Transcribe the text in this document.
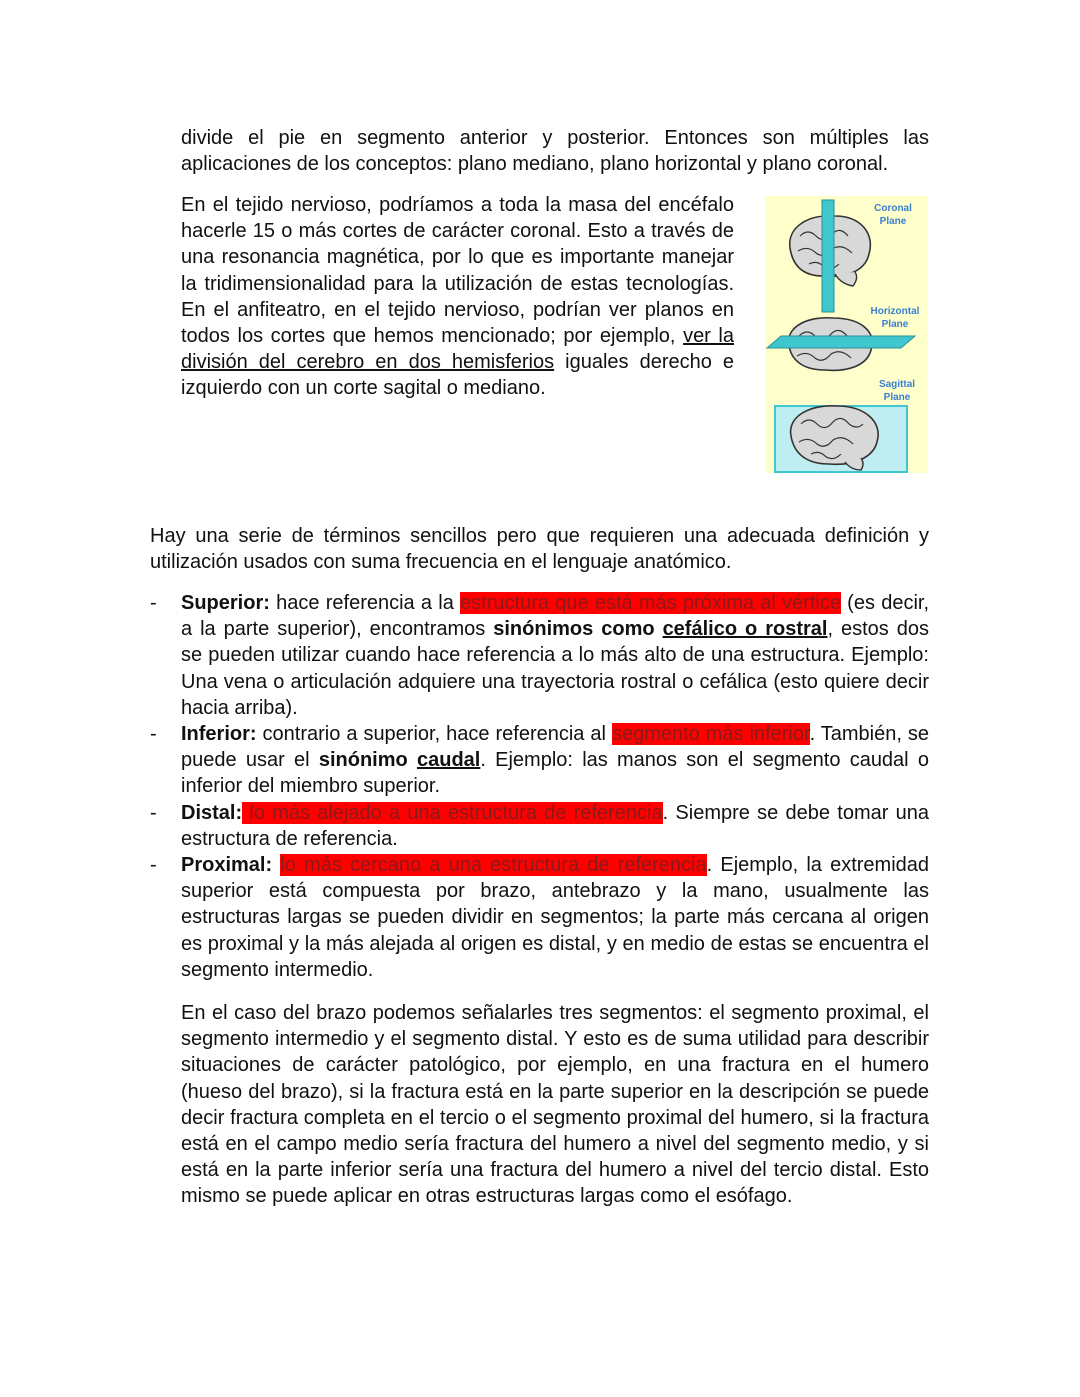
divide el pie en segmento anterior y posterior. Entonces son múltiples las aplicaciones de los conceptos: plano mediano, plano horizontal y plano coronal.

En el tejido nervioso, podríamos a toda la masa del encéfalo hacerle 15 o más cortes de carácter coronal. Esto a través de una resonancia magnética, por lo que es importante manejar la tridimensionalidad para la utilización de estas tecnologías. En el anfiteatro, en el tejido nervioso, podrían ver planos en todos los cortes que hemos mencionado; por ejemplo, ver la división del cerebro en dos hemisferios iguales derecho e izquierdo con un corte sagital o mediano.

Coronal
Plane
Horizontal
Plane
Sagittal
Plane

Hay una serie de términos sencillos pero que requieren una adecuada definición y utilización usados con suma frecuencia en el lenguaje anatómico.

- Superior: hace referencia a la estructura que está más próxima al vértice (es decir, a la parte superior), encontramos sinónimos como cefálico o rostral, estos dos se pueden utilizar cuando hace referencia a lo más alto de una estructura. Ejemplo: Una vena o articulación adquiere una trayectoria rostral o cefálica (esto quiere decir hacia arriba).
- Inferior: contrario a superior, hace referencia al segmento más inferior. También, se puede usar el sinónimo caudal. Ejemplo: las manos son el segmento caudal o inferior del miembro superior.
- Distal: lo más alejado a una estructura de referencia. Siempre se debe tomar una estructura de referencia.
- Proximal: lo más cercano a una estructura de referencia. Ejemplo, la extremidad superior está compuesta por brazo, antebrazo y la mano, usualmente las estructuras largas se pueden dividir en segmentos; la parte más cercana al origen es proximal y la más alejada al origen es distal, y en medio de estas se encuentra el segmento intermedio.

En el caso del brazo podemos señalarles tres segmentos: el segmento proximal, el segmento intermedio y el segmento distal. Y esto es de suma utilidad para describir situaciones de carácter patológico, por ejemplo, en una fractura en el humero (hueso del brazo), si la fractura está en la parte superior en la descripción se puede decir fractura completa en el tercio o el segmento proximal del humero, si la fractura está en el campo medio sería fractura del humero a nivel del segmento medio, y si está en la parte inferior sería una fractura del humero a nivel del tercio distal. Esto mismo se puede aplicar en otras estructuras largas como el esófago.
